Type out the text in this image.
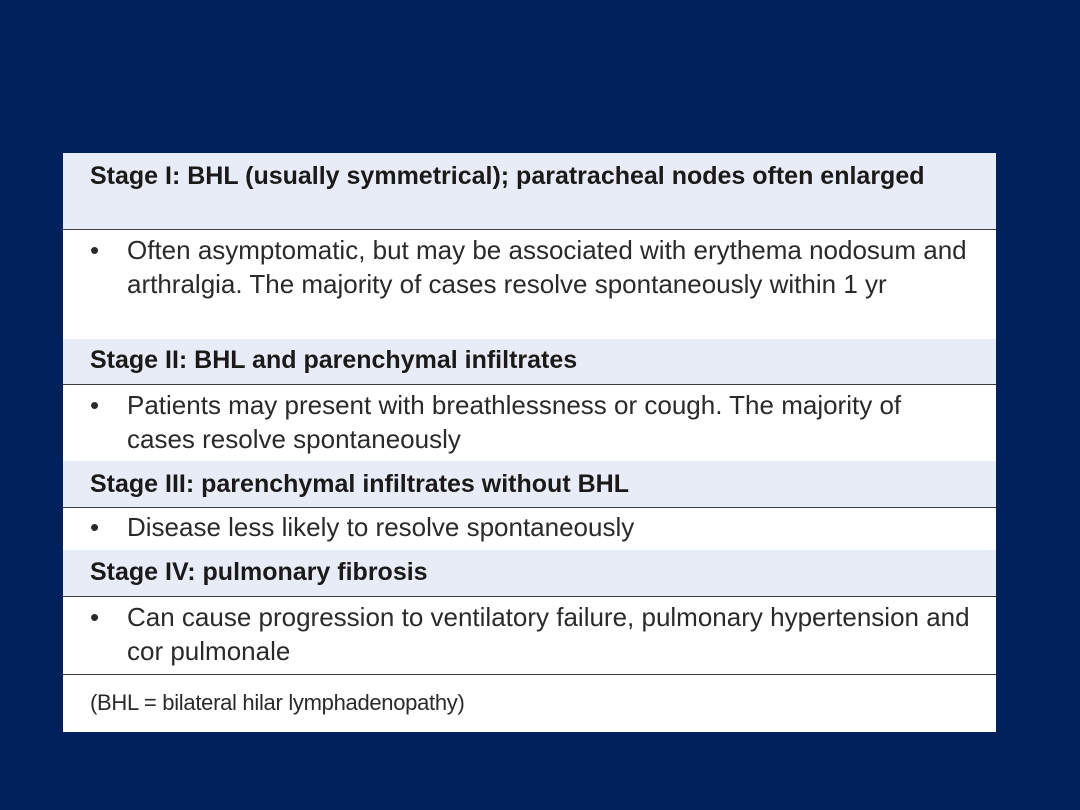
Stage I: BHL (usually symmetrical); paratracheal nodes often enlarged
•	Often asymptomatic, but may be associated with erythema nodosum and arthralgia. The majority of cases resolve spontaneously within 1 yr
Stage II: BHL and parenchymal infiltrates
•	Patients may present with breathlessness or cough. The majority of cases resolve spontaneously
Stage III: parenchymal infiltrates without BHL
•	Disease less likely to resolve spontaneously
Stage IV: pulmonary fibrosis
•	Can cause progression to ventilatory failure, pulmonary hypertension and cor pulmonale
(BHL = bilateral hilar lymphadenopathy)
